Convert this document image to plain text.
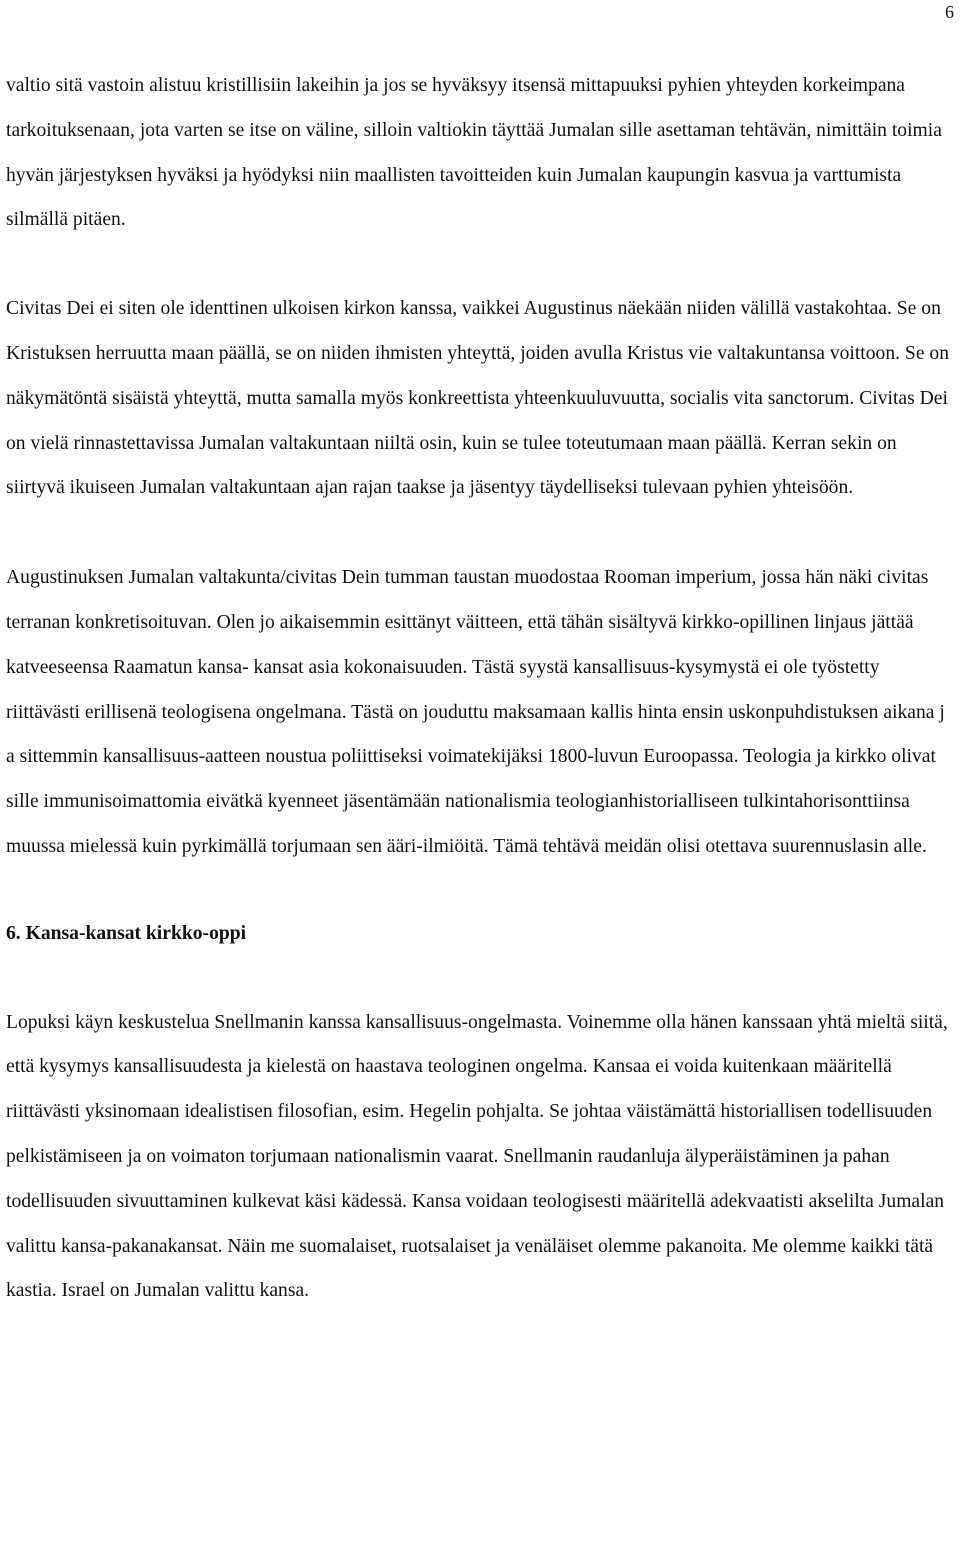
6

valtio sitä vastoin alistuu kristillisiin lakeihin ja jos se hyväksyy itsensä mittapuuksi pyhien yhteyden korkeimpana tarkoituksenaan, jota varten se itse on väline, silloin valtiokin täyttää Jumalan sille asettaman tehtävän, nimittäin toimia hyvän järjestyksen hyväksi ja hyödyksi niin maallisten tavoitteiden kuin Jumalan kaupungin kasvua ja varttumista silmällä pitäen.

Civitas Dei ei siten ole identtinen ulkoisen kirkon kanssa, vaikkei Augustinus näekään niiden välillä vastakohtaa. Se on Kristuksen herruutta maan päällä, se on niiden ihmisten yhteyttä, joiden avulla Kristus vie valtakuntansa voittoon. Se on näkymätöntä sisäistä yhteyttä, mutta samalla myös konkreettista yhteenkuuluvuutta, socialis vita sanctorum. Civitas Dei on vielä rinnastettavissa Jumalan valtakuntaan niiltä osin, kuin se tulee toteutumaan maan päällä. Kerran sekin on siirtyvä ikuiseen Jumalan valtakuntaan ajan rajan taakse ja jäsentyy täydelliseksi tulevaan pyhien yhteisöön.

Augustinuksen Jumalan valtakunta/civitas Dein tumman taustan muodostaa Rooman imperium, jossa hän näki civitas terranan konkretisoituvan. Olen jo aikaisemmin esittänyt väitteen, että tähän sisältyvä kirkko-opillinen linjaus jättää katveeseensa Raamatun kansa- kansat asia kokonaisuuden. Tästä syystä kansallisuus-kysymystä ei ole työstetty riittävästi erillisenä teologisena ongelmana. Tästä on jouduttu maksamaan kallis hinta ensin uskonpuhdistuksen aikana j a sittemmin kansallisuus-aatteen noustua poliittiseksi voimatekijäksi 1800-luvun Euroopassa. Teologia ja kirkko olivat sille immunisoimattomia eivätkä kyenneet jäsentämään nationalismia teologianhistorialliseen tulkintahorisonttiinsa muussa mielessä kuin pyrkimällä torjumaan sen ääri-ilmiöitä. Tämä tehtävä meidän olisi otettava suurennuslasin alle.

6. Kansa-kansat kirkko-oppi

Lopuksi käyn keskustelua Snellmanin kanssa kansallisuus-ongelmasta. Voinemme olla hänen kanssaan yhtä mieltä siitä, että kysymys kansallisuudesta ja kielestä on haastava teologinen ongelma. Kansaa ei voida kuitenkaan määritellä riittävästi yksinomaan idealistisen filosofian, esim. Hegelin pohjalta. Se johtaa väistämättä historiallisen todellisuuden pelkistämiseen ja on voimaton torjumaan nationalismin vaarat. Snellmanin raudanluja älyperäistäminen ja pahan todellisuuden sivuuttaminen kulkevat käsi kädessä. Kansa voidaan teologisesti määritellä adekvaatisti akselilta Jumalan valittu kansa-pakanakansat. Näin me suomalaiset, ruotsalaiset ja venäläiset olemme pakanoita. Me olemme kaikki tätä kastia. Israel on Jumalan valittu kansa.
